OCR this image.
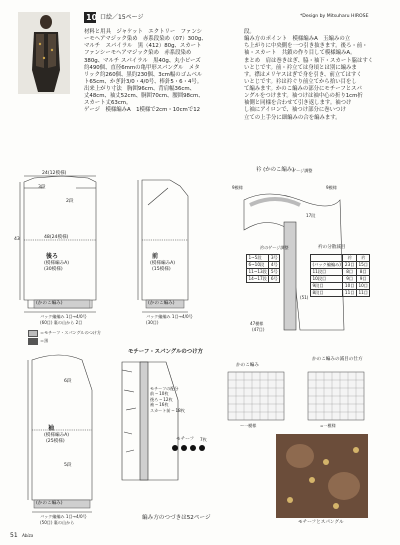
10 口絵／15ページ	*Design by Mitsuharu HIROSE
材料と用具　ジャケット　エクトリー　ファンシ
ーモヘアマジック染め　赤系段染め（07）300g、
マルチ　スパイラル　黒（412）80g、スカート
ファンシーモヘアマジック染め　赤系段染め
380g、マルチ スパイラル　黒40g、丸小ビーズ
約490個、直径6mmの亀甲形スパングル　メタ
リック約260個、黒約230個、3cm幅のゴムベル
ト65cm、かぎ針3/0・4/0号、棒針5・6・4号。
出来上がり寸法　胸囲96cm、背肩幅36cm、
丈48cm、袖丈52cm、胴囲70cm、腰囲98cm、
スカート丈63cm。
ゲージ　模様編みA　1模様で2cm・10cmで12
段。
編み方のポイント　模様編みA　玉編みの立
ち上がりに中央側を一つ引き抜きます。後ろ・前・
袖・スカート　共鎖の作り目して模様編みA。
まとめ　肩は巻きはぎ、脇・袖下・スカート脇はすく
いとじです。前・衿立ては身頃とは別に編みま
す。襟はメリヤスはぎで身を引き、前立てはすく
いとじです。衿は衿ぐり前立てから拾い目をし
て編みます。かのこ編みの部分にモチーフとスパ
ングルをつけます。袖つけは袖中心の折り1cm折
袖側と同様を合わせて引き返します。袖つけ
し袖にアイロンで、袖つけ部分に巻いつけ
立ての上手分に細編みの合を編みます。
24(12模様)
2段
3段
43	48(24模様)
後ろ
(模様編みA)
(30模様)
(かのこ編み)
バック編編み 1目→4/0号
(60目) 裏の山から 2目
前
(模様編みA)
(15模様)
(かのこ編み)
バック編編み 1目→4/0号
(30目)
＝モチーフ・スパングルのつけ方
＝黒
衿 (かのこ編み)
ゲージ調整
9模様	9模様
17段
衿のゲージ調整
47模様
(47目)
(51)
1~5段	3号
6~10段	4号
11~13段	5号
14~17段	6号
衿の分散減目
	衿	衿
(バック編編み)	23目	15目
11段目	8目	8目
10段目	9目	9目
9段目	10目	10目
8段目	11目	11目
6段
袖
(模様編みA)
(25模様)
5段
(かのこ編み)
バック編編み 1目→4/0号
(50目) 裏の山から
モチーフ・スパングルのつけ方
モチーフの配分
前 ─ 10枚
後ろ ─ 12枚
袖 ─ 16枚
スカート前 ─ 18枚
モチーフ 7枚
かのこ編み
かのこ編みの減目の仕方
〜一模様	=一模様
編み方のつづきは52ページ
モチーフとスパングル
51 Abiza
